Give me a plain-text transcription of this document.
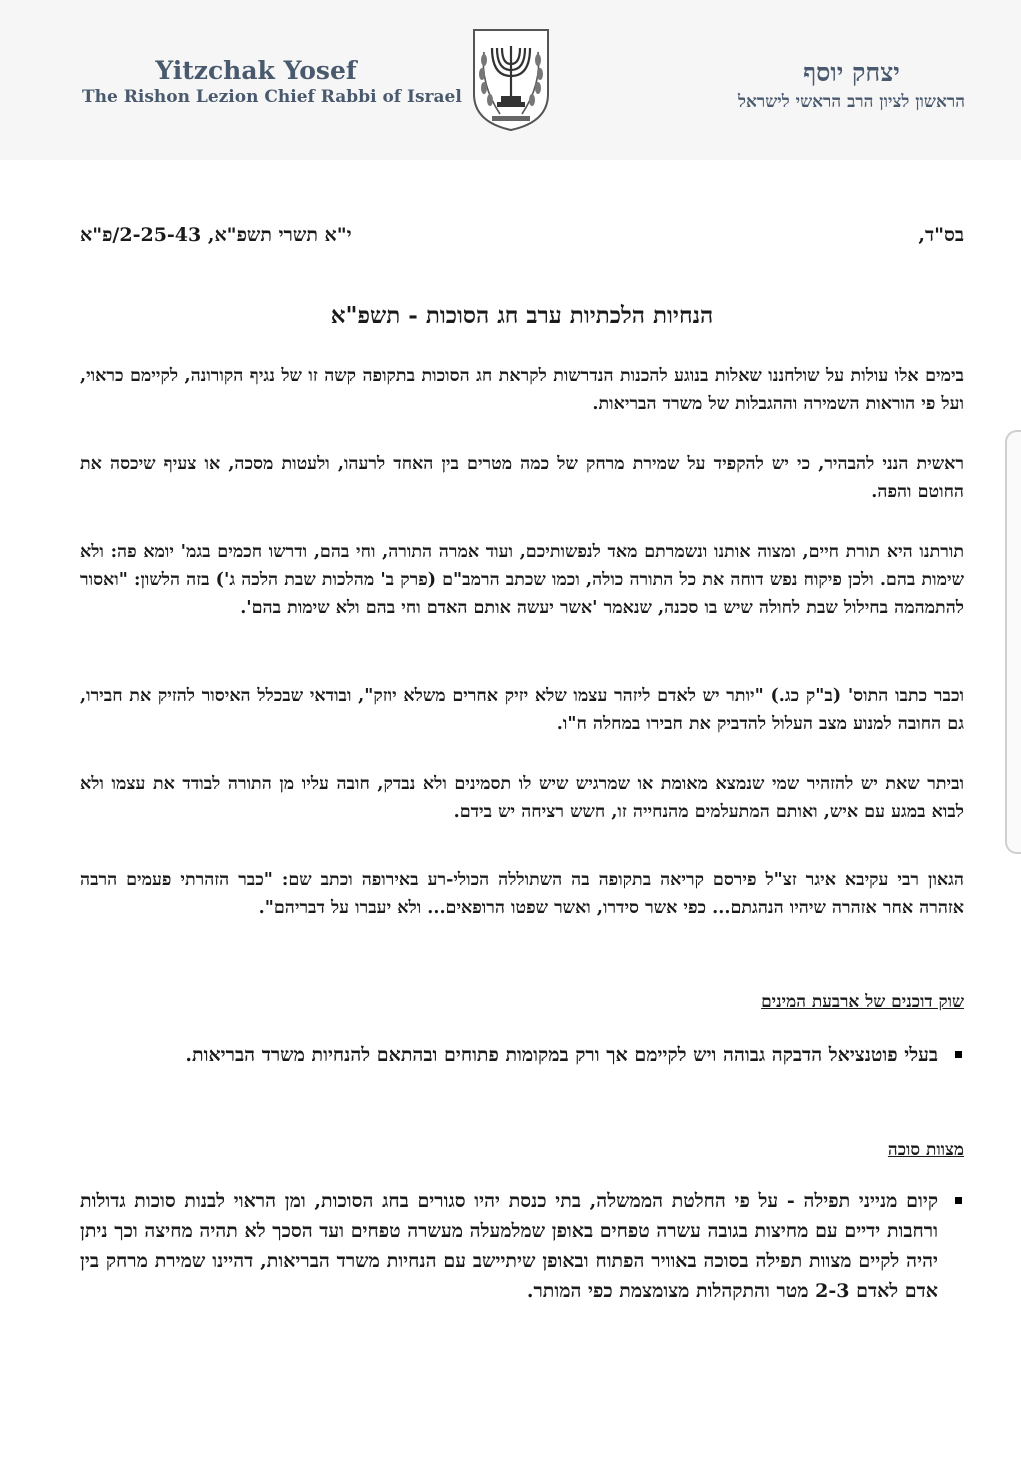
Yitzchak Yosef
The Rishon Lezion Chief Rabbi of Israel
יצחק יוסף
הראשון לציון הרב הראשי לישראל
בס"ד,
י"א תשרי תשפ"א, 2-25-43/פ"א
הנחיות הלכתיות ערב חג הסוכות - תשפ"א

בימים אלו עולות על שולחננו שאלות בנוגע להכנות הנדרשות לקראת חג הסוכות בתקופה קשה זו של נגיף הקורונה, לקיימם כראוי, ועל פי הוראות השמירה וההגבלות של משרד הבריאות.

ראשית הנני להבהיר, כי יש להקפיד על שמירת מרחק של כמה מטרים בין האחד לרעהו, ולעטות מסכה, או צעיף שיכסה את החוטם והפה.

תורתנו היא תורת חיים, ומצוה אותנו ונשמרתם מאד לנפשותיכם, ועוד אמרה התורה, וחי בהם, ודרשו חכמים בגמ' יומא פה: ולא שימות בהם. ולכן פיקוח נפש דוחה את כל התורה כולה, וכמו שכתב הרמב"ם (פרק ב' מהלכות שבת הלכה ג') בזה הלשון: "ואסור להתמהמה בחילול שבת לחולה שיש בו סכנה, שנאמר 'אשר יעשה אותם האדם וחי בהם ולא שימות בהם'.

וכבר כתבו התוס' (ב"ק כג.) "יותר יש לאדם ליזהר עצמו שלא יזיק אחרים משלא יוזק", ובודאי שבכלל האיסור להזיק את חבירו, גם החובה למנוע מצב העלול להדביק את חבירו במחלה ח"ו.

וביתר שאת יש להזהיר שמי שנמצא מאומת או שמרגיש שיש לו תסמינים ולא נבדק, חובה עליו מן התורה לבודד את עצמו ולא לבוא במגע עם איש, ואותם המתעלמים מהנחייה זו, חשש רציחה יש בידם.

הגאון רבי עקיבא איגר זצ"ל פירסם קריאה בתקופה בה השתוללה הכולי-רע באירופה וכתב שם: "כבר הזהרתי פעמים הרבה אזהרה אחר אזהרה שיהיו הנהגתם... כפי אשר סידרו, ואשר שפטו הרופאים... ולא יעברו על דבריהם".

שוק דוכנים של ארבעת המינים
בעלי פוטנציאל הדבקה גבוהה ויש לקיימם אך ורק במקומות פתוחים ובהתאם להנחיות משרד הבריאות.
מצוות סוכה
קיום מנייני תפילה - על פי החלטת הממשלה, בתי כנסת יהיו סגורים בחג הסוכות, ומן הראוי לבנות סוכות גדולות ורחבות ידיים עם מחיצות בגובה עשרה טפחים באופן שמלמעלה מעשרה טפחים ועד הסכך לא תהיה מחיצה וכך ניתן יהיה לקיים מצוות תפילה בסוכה באוויר הפתוח ובאופן שיתיישב עם הנחיות משרד הבריאות, דהיינו שמירת מרחק בין אדם לאדם 2-3 מטר והתקהלות מצומצמת כפי המותר.
